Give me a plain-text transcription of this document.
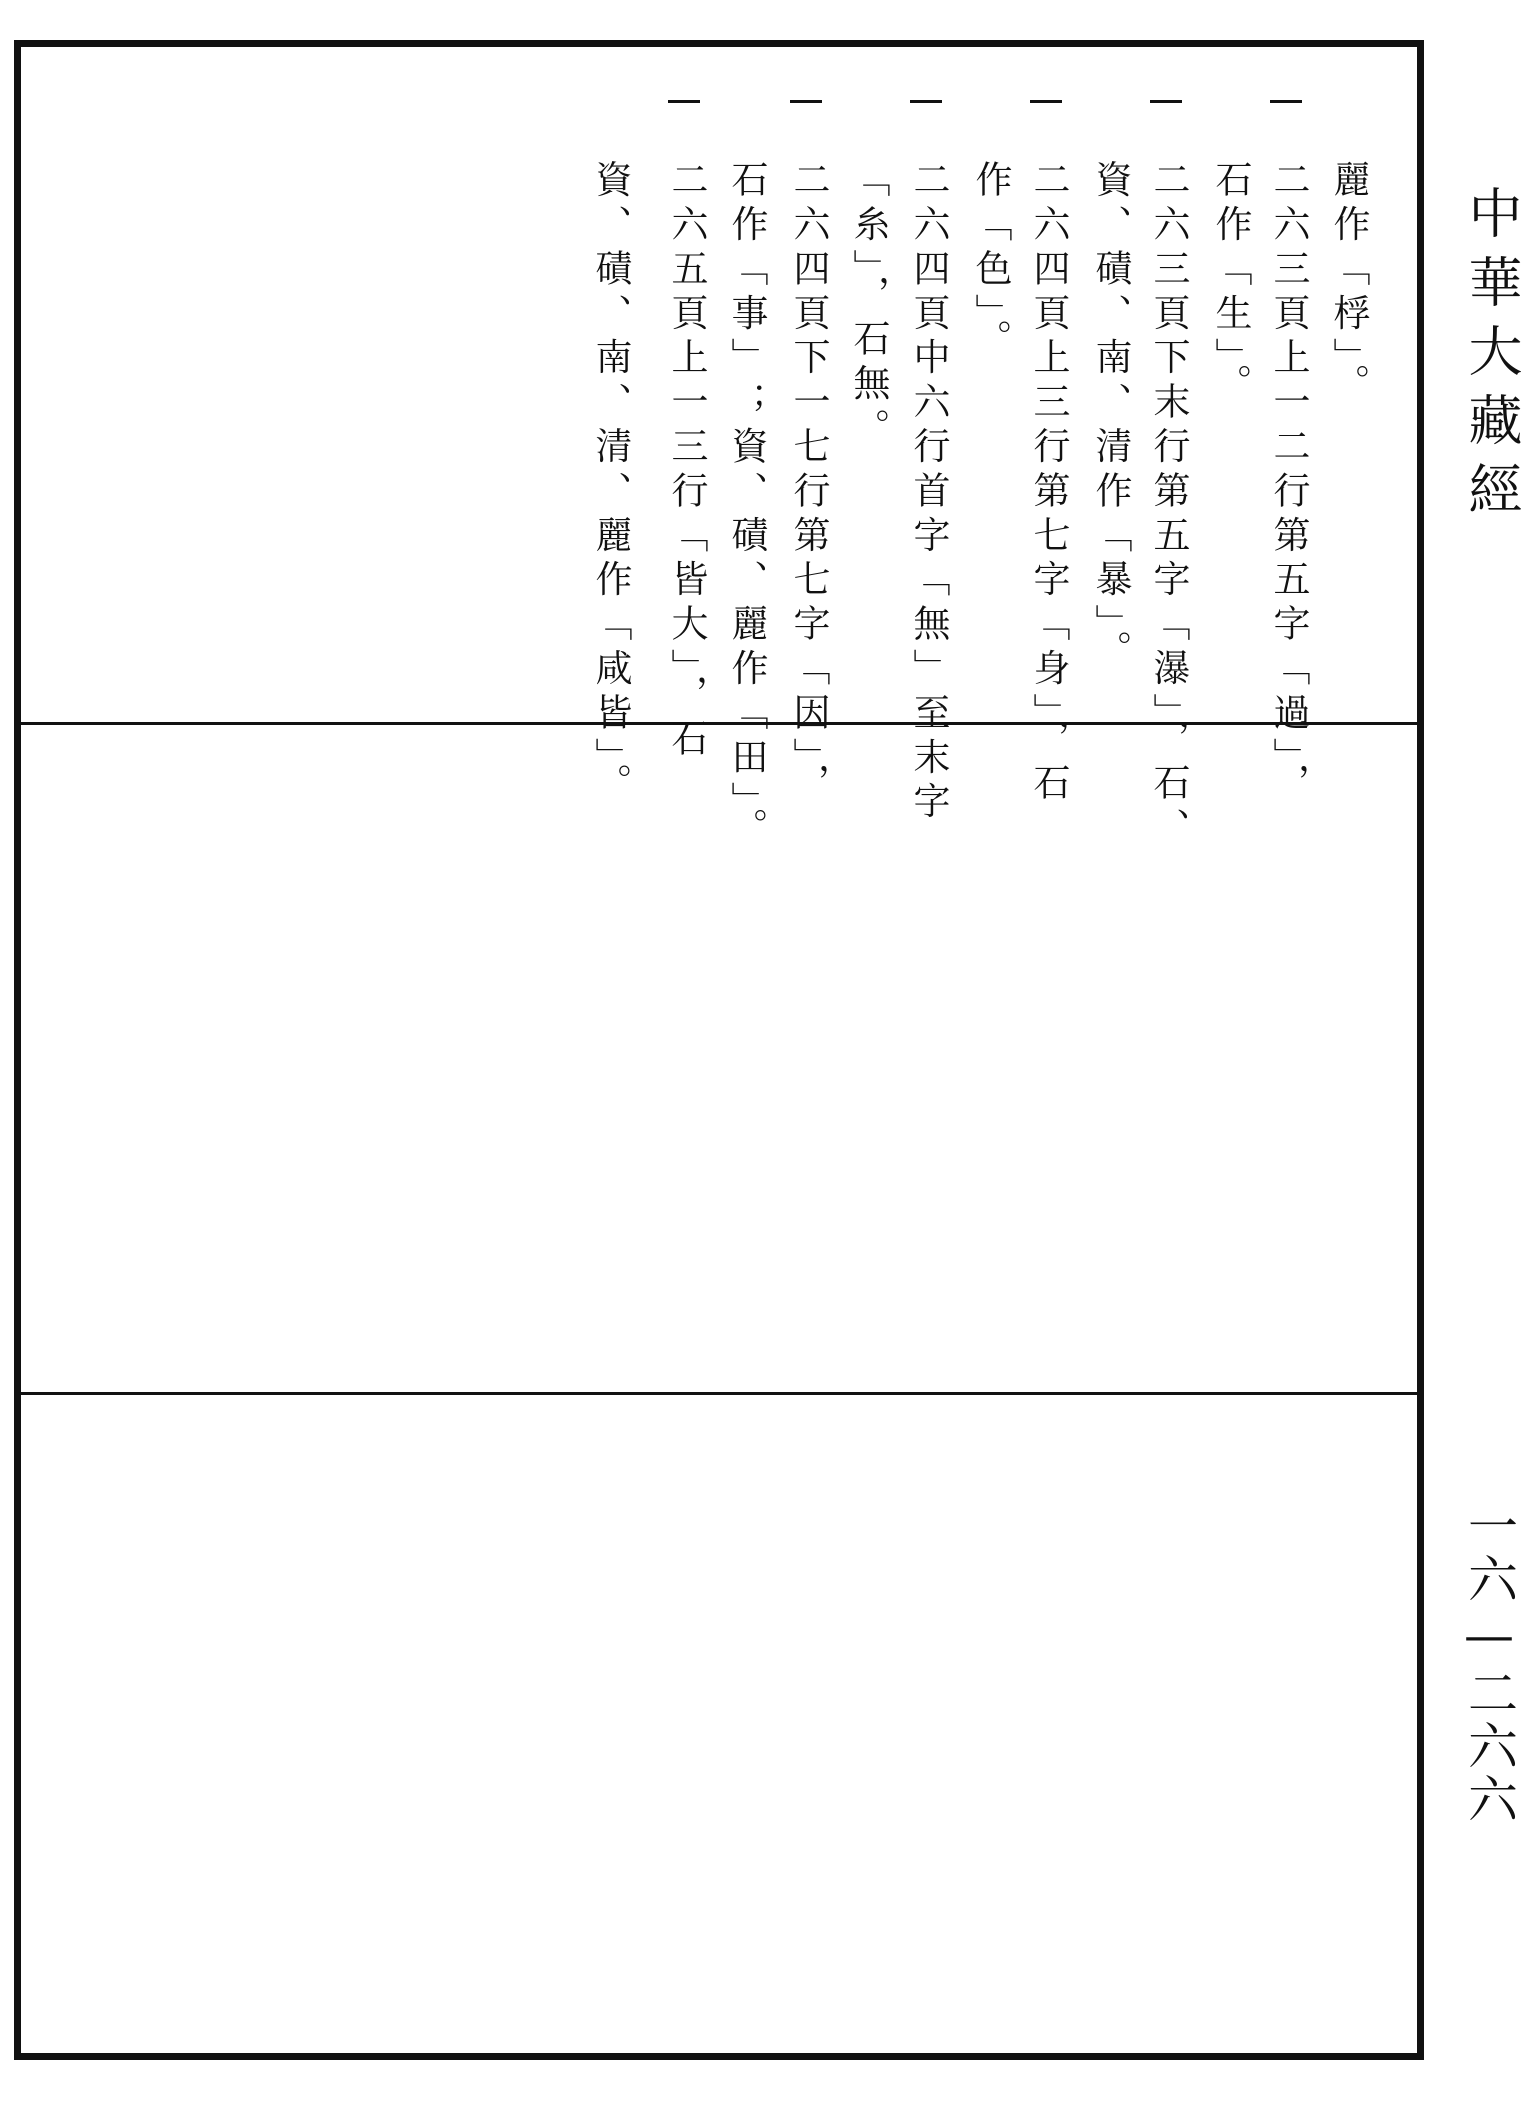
二六三頁上一二行第五字「過」， 麗作「桴」。
二六三頁下末行第五字「瀑」，石、 石作「生」。
二六四頁上三行第七字「身」，石 資、磧、南、清作「暴」。
二六四頁中六行首字「無」至末字 作「色」。
二六四頁下一七行第七字「因」， 「糸」，石無。
二六五頁上一三行「皆大」，石 石作「事」；資、磧、麗作「田」。
資、磧、南、清、麗作「咸皆」。	中華大藏經
一六—二六六
